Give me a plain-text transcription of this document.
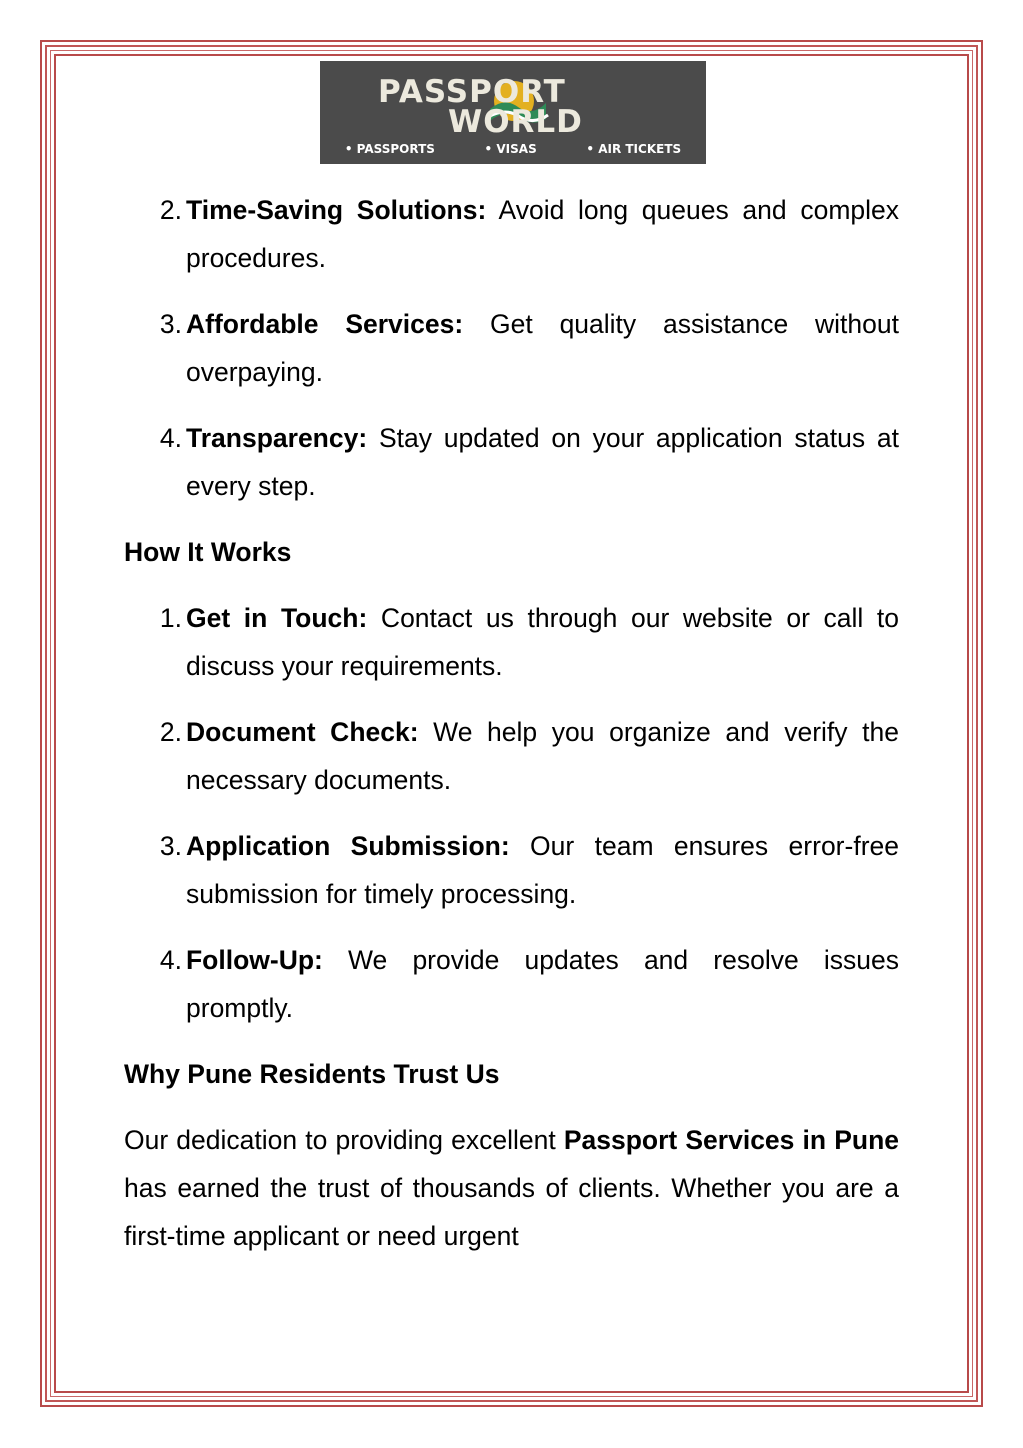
PASSPORT
WORLD
• PASSPORTS	• VISAS	• AIR TICKETS
2. Time-Saving Solutions: Avoid long queues and complex procedures.
3. Affordable Services: Get quality assistance without overpaying.
4. Transparency: Stay updated on your application status at every step.
How It Works
1. Get in Touch: Contact us through our website or call to discuss your requirements.
2. Document Check: We help you organize and verify the necessary documents.
3. Application Submission: Our team ensures error-free submission for timely processing.
4. Follow-Up: We provide updates and resolve issues promptly.
Why Pune Residents Trust Us

Our dedication to providing excellent Passport Services in Pune has earned the trust of thousands of clients. Whether you are a first-time applicant or need urgent
